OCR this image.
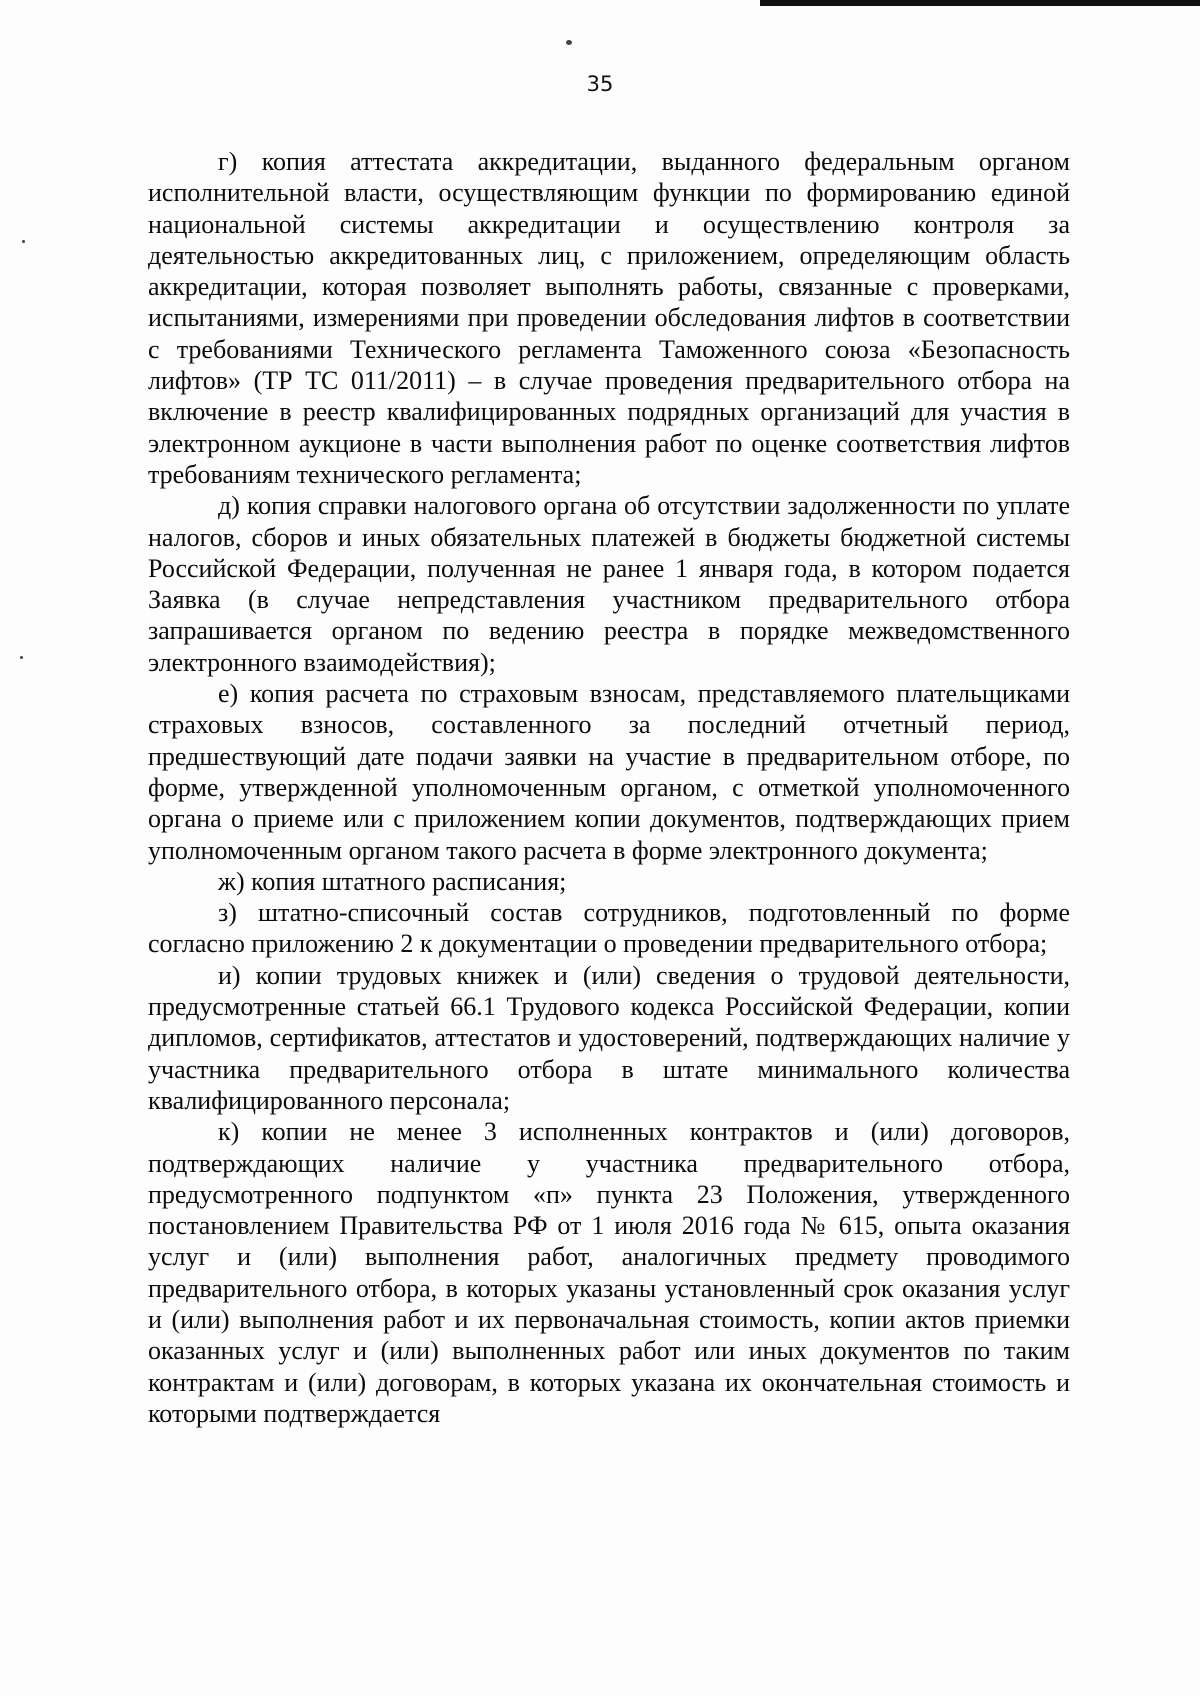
35

г) копия аттестата аккредитации, выданного федеральным органом исполнительной власти, осуществляющим функции по формированию единой национальной системы аккредитации и осуществлению контроля за деятельностью аккредитованных лиц, с приложением, определяющим область аккредитации, которая позволяет выполнять работы, связанные с проверками, испытаниями, измерениями при проведении обследования лифтов в соответствии с требованиями Технического регламента Таможенного союза «Безопасность лифтов» (ТР ТС 011/2011) – в случае проведения предварительного отбора на включение в реестр квалифицированных подрядных организаций для участия в электронном аукционе в части выполнения работ по оценке соответствия лифтов требованиям технического регламента;

д) копия справки налогового органа об отсутствии задолженности по уплате налогов, сборов и иных обязательных платежей в бюджеты бюджетной системы Российской Федерации, полученная не ранее 1 января года, в котором подается Заявка (в случае непредставления участником предварительного отбора запрашивается органом по ведению реестра в порядке межведомственного электронного взаимодействия);

е) копия расчета по страховым взносам, представляемого плательщиками страховых взносов, составленного за последний отчетный период, предшествующий дате подачи заявки на участие в предварительном отборе, по форме, утвержденной уполномоченным органом, с отметкой уполномоченного органа о приеме или с приложением копии документов, подтверждающих прием уполномоченным органом такого расчета в форме электронного документа;

ж) копия штатного расписания;

з) штатно-списочный состав сотрудников, подготовленный по форме согласно приложению 2 к документации о проведении предварительного отбора;

и) копии трудовых книжек и (или) сведения о трудовой деятельности, предусмотренные статьей 66.1 Трудового кодекса Российской Федерации, копии дипломов, сертификатов, аттестатов и удостоверений, подтверждающих наличие у участника предварительного отбора в штате минимального количества квалифицированного персонала;

к) копии не менее 3 исполненных контрактов и (или) договоров, подтверждающих наличие у участника предварительного отбора, предусмотренного подпунктом «п» пункта 23 Положения, утвержденного постановлением Правительства РФ от 1 июля 2016 года № 615, опыта оказания услуг и (или) выполнения работ, аналогичных предмету проводимого предварительного отбора, в которых указаны установленный срок оказания услуг и (или) выполнения работ и их первоначальная стоимость, копии актов приемки оказанных услуг и (или) выполненных работ или иных документов по таким контрактам и (или) договорам, в которых указана их окончательная стоимость и которыми подтверждается
